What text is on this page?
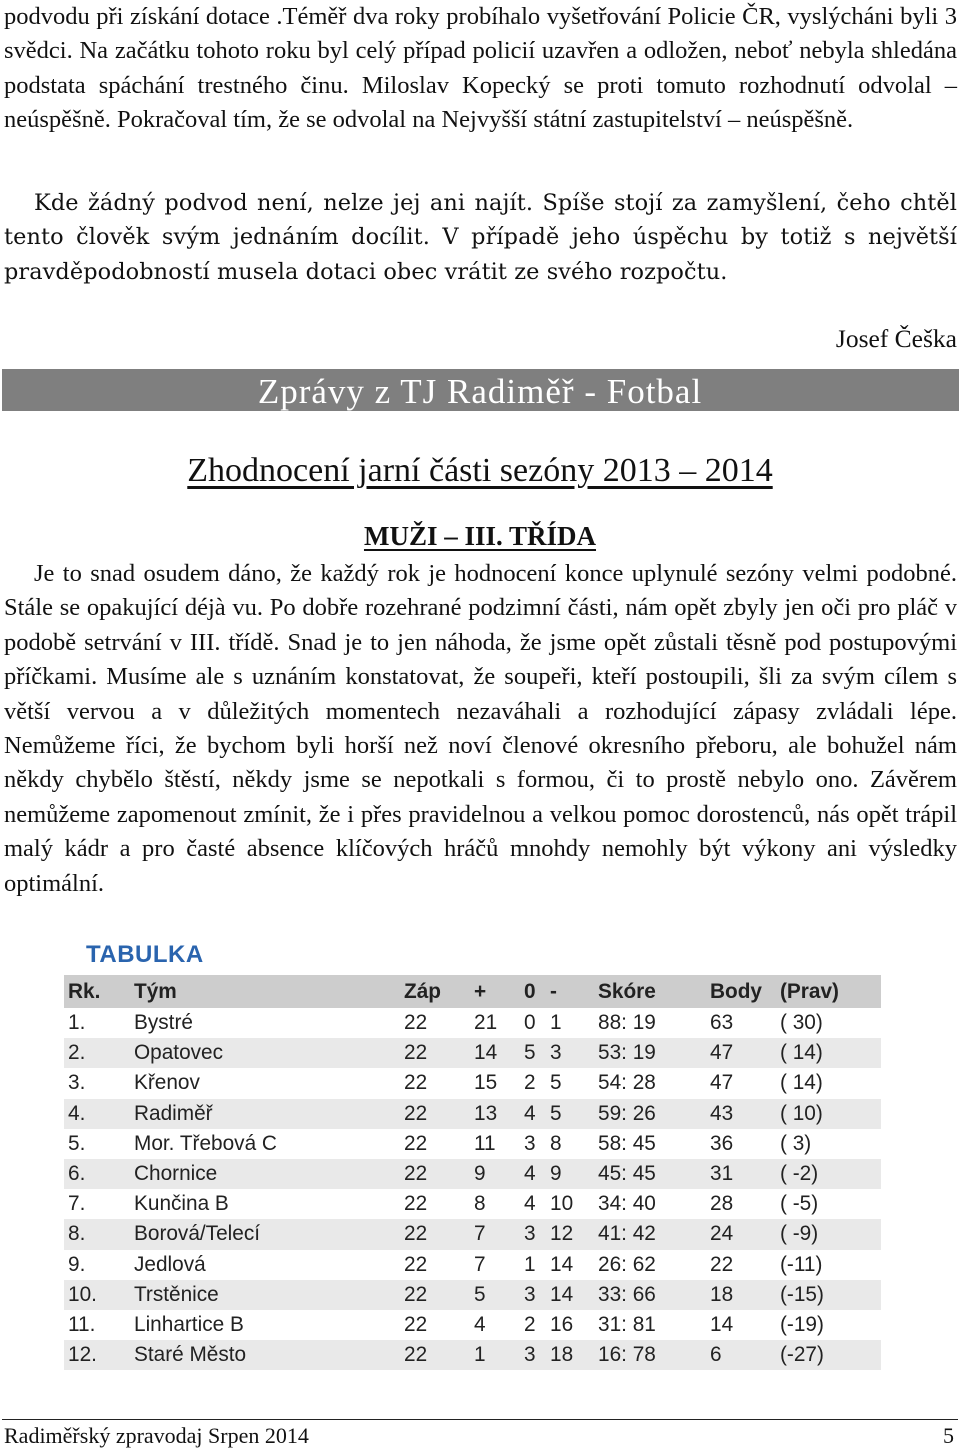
podvodu při získání dotace .Téměř dva roky probíhalo vyšetřování Policie ČR, vyslýcháni byli 3 svědci. Na začátku tohoto roku byl celý případ policií uzavřen a odložen, neboť nebyla shledána podstata spáchání trestného činu. Miloslav Kopecký se proti tomuto rozhodnutí odvolal – neúspěšně. Pokračoval tím, že se odvolal na Nejvyšší státní zastupitelství – neúspěšně.

Kde žádný podvod není, nelze jej ani najít. Spíše stojí za zamyšlení, čeho chtěl tento člověk svým jednáním docílit. V případě jeho úspěchu by totiž s největší pravděpodobností musela dotaci obec vrátit ze svého rozpočtu.

Josef Češka
Zprávy z TJ Radiměř - Fotbal
Zhodnocení jarní části sezóny 2013 – 2014
MUŽI – III. TŘÍDA

Je to snad osudem dáno, že každý rok je hodnocení konce uplynulé sezóny velmi podobné. Stále se opakující déjà vu. Po dobře rozehrané podzimní části, nám opět zbyly jen oči pro pláč v podobě setrvání v III. třídě. Snad je to jen náhoda, že jsme opět zůstali těsně pod postupovými příčkami. Musíme ale s uznáním konstatovat, že soupeři, kteří postoupili, šli za svým cílem s větší vervou a v důležitých momentech nezaváhali a rozhodující zápasy zvládali lépe. Nemůžeme říci, že bychom byli horší než noví členové okresního přeboru, ale bohužel nám někdy chybělo štěstí, někdy jsme se nepotkali s formou, či to prostě nebylo ono. Závěrem nemůžeme zapomenout zmínit, že i přes pravidelnou a velkou pomoc dorostenců, nás opět trápil malý kádr a pro časté absence klíčových hráčů mnohdy nemohly být výkony ani výsledky optimální.

TABULKA
Rk.	Tým	Záp	+	0	-	Skóre	Body	(Prav)
1.	Bystré	22	21	0	1	88: 19	63	( 30)
2.	Opatovec	22	14	5	3	53: 19	47	( 14)
3.	Křenov	22	15	2	5	54: 28	47	( 14)
4.	Radiměř	22	13	4	5	59: 26	43	( 10)
5.	Mor. Třebová C	22	11	3	8	58: 45	36	( 3)
6.	Chornice	22	9	4	9	45: 45	31	( -2)
7.	Kunčina B	22	8	4	10	34: 40	28	( -5)
8.	Borová/Telecí	22	7	3	12	41: 42	24	( -9)
9.	Jedlová	22	7	1	14	26: 62	22	(-11)
10.	Trstěnice	22	5	3	14	33: 66	18	(-15)
11.	Linhartice B	22	4	2	16	31: 81	14	(-19)
12.	Staré Město	22	1	3	18	16: 78	6	(-27)
Radiměřský zpravodaj Srpen 2014	5
